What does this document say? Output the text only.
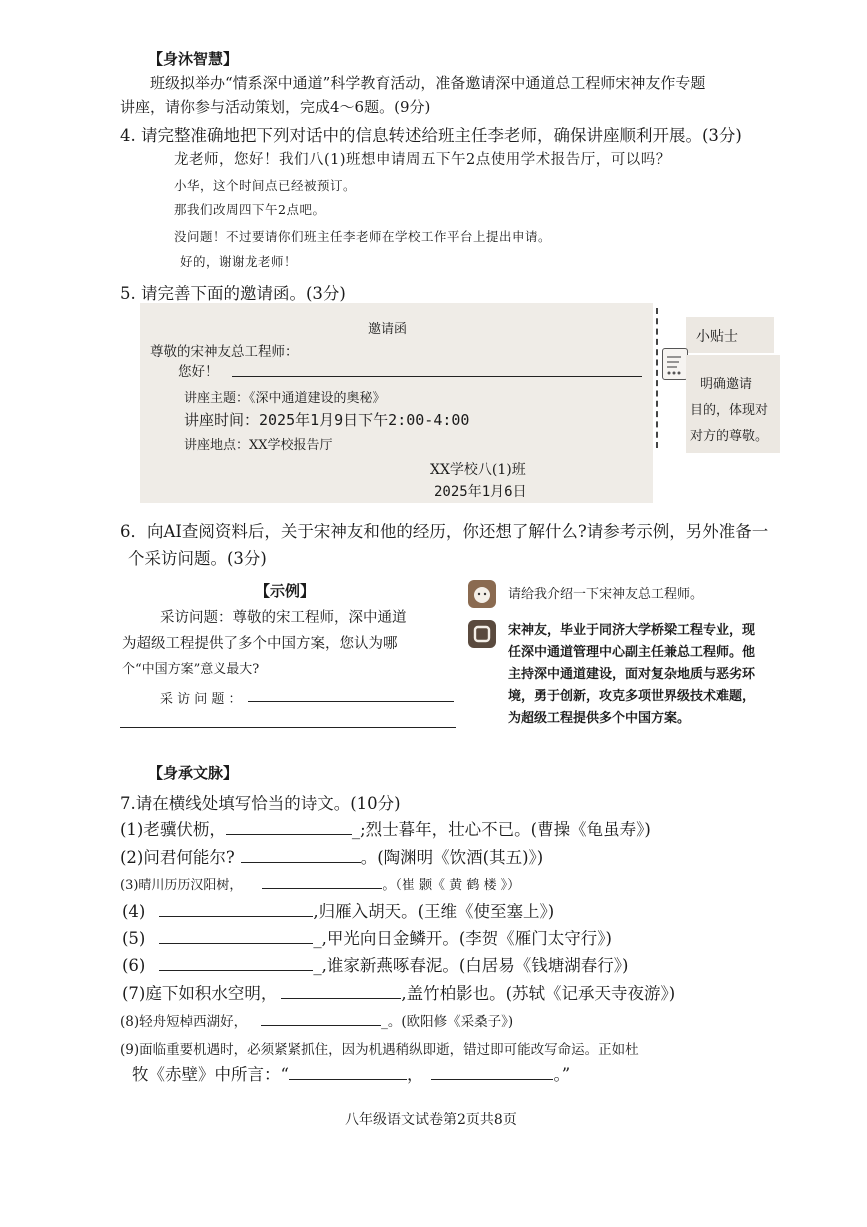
【身沐智慧】
班级拟举办“情系深中通道”科学教育活动，准备邀请深中通道总工程师宋神友作专题
讲座，请你参与活动策划，完成4～6题。(9分)
4. 请完整准确地把下列对话中的信息转述给班主任李老师，确保讲座顺利开展。(3分)
龙老师，您好！我们八(1)班想申请周五下午2点使用学术报告厅，可以吗？
小华，这个时间点已经被预订。
那我们改周四下午2点吧。
没问题！不过要请你们班主任李老师在学校工作平台上提出申请。
好的，谢谢龙老师！
5. 请完善下面的邀请函。(3分)
邀请函
尊敬的宋神友总工程师：
您好！
讲座主题：《深中通道建设的奥秘》
讲座时间：2025年1月9日下午2:00-4:00
讲座地点：XX学校报告厅
XX学校八(1)班
2025年1月6日
小贴士
明确邀请
目的，体现对
对方的尊敬。
6．向AI查阅资料后，关于宋神友和他的经历，你还想了解什么?请参考示例，另外准备一
个采访问题。(3分)
【示例】
采访问题：尊敬的宋工程师，深中通道
为超级工程提供了多个中国方案，您认为哪
个“中国方案”意义最大?
采 访 问 题 ：
请给我介绍一下宋神友总工程师。
宋神友，毕业于同济大学桥梁工程专业，现
任深中通道管理中心副主任兼总工程师。他
主持深中通道建设，面对复杂地质与恶劣环
境，勇于创新，攻克多项世界级技术难题，
为超级工程提供多个中国方案。
【身承文脉】
7.请在横线处填写恰当的诗文。(10分)
(1)老骥伏枥，	_;烈士暮年，壮心不已。(曹操《龟虽寿》)
(2)问君何能尔?	。(陶渊明《饮酒(其五)》)
(3)晴川历历汉阳树，	。（崔 颢《 黄 鹤 楼 》）
(4)	,归雁入胡天。(王维《使至塞上》)
(5)	_,甲光向日金鳞开。(李贺《雁门太守行》)
(6)	_,谁家新燕啄春泥。(白居易《钱塘湖春行》)
(7)庭下如积水空明，	,盖竹柏影也。(苏轼《记承天寺夜游》)
(8)轻舟短棹西湖好，	_。(欧阳修《采桑子》)
(9)面临重要机遇时，必须紧紧抓住，因为机遇稍纵即逝，错过即可能改写命运。正如杜
牧《赤壁》中所言：“	，	。”
八年级语文试卷第2页共8页
